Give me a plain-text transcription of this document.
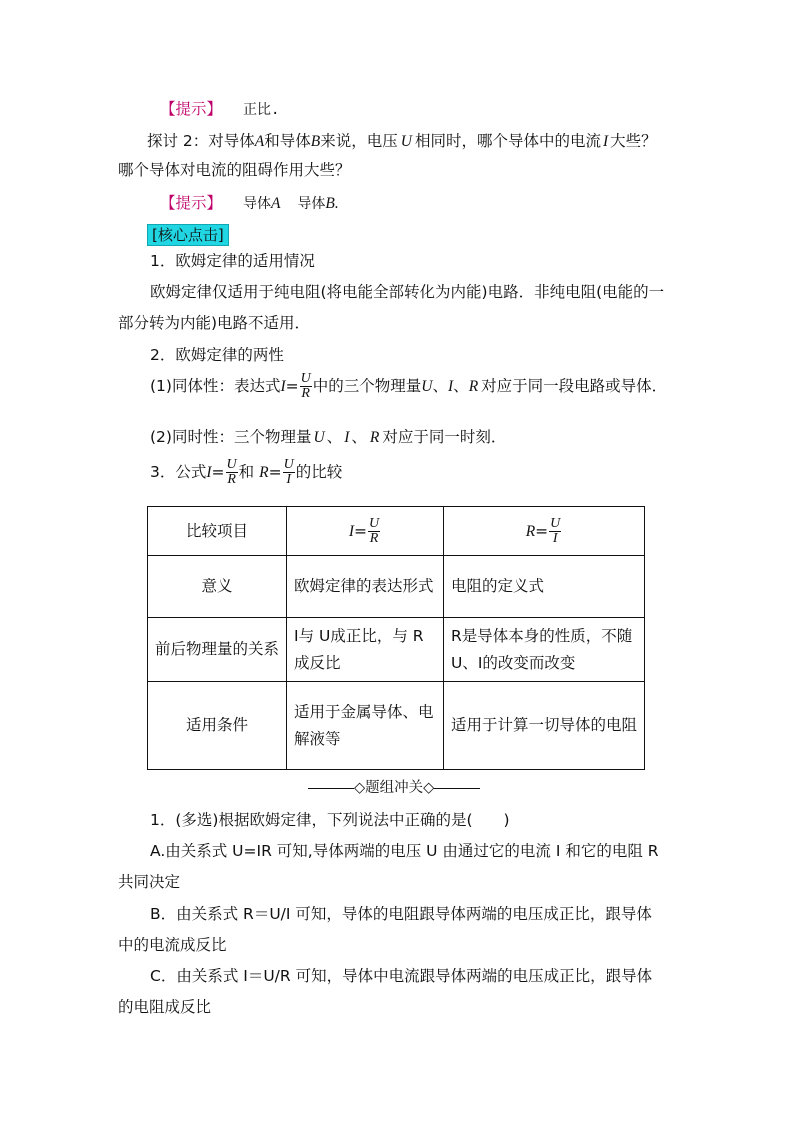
【提示】 正比.
探讨 2：对导体A和导体B来说，电压 U 相同时，哪个导体中的电流 I 大些？
哪个导体对电流的阻碍作用大些？
【提示】 导体A 导体B.
[核心点击]
1．欧姆定律的适用情况
欧姆定律仅适用于纯电阻(将电能全部转化为内能)电路．非纯电阻(电能的一
部分转为内能)电路不适用．
2．欧姆定律的两性
(1)同体性：表达式$I= \frac{U}{R}$ 中的三个物理量U、I、R 对应于同一段电路或导体．
(2)同时性：三个物理量 U 、 I 、 R 对应于同一时刻．
3．公式$I= \frac{U}{R}$ 和 $R= \frac{U}{I}$ 的比较
比较项目	$I= \frac{U}{R}$	$R= \frac{U}{I}$

意义	欧姆定律的表达形式	电阻的定义式
前后物理量的关系	I与 U成正比，与 R成反比	R是导体本身的性质，不随U、I的改变而改变
适用条件	适用于金属导体、电解液等	适用于计算一切导体的电阻
◇题组冲关◇
1．(多选)根据欧姆定律，下列说法中正确的是(　　)
A.由关系式 U=IR 可知,导体两端的电压 U 由通过它的电流 I 和它的电阻 R
共同决定
B．由关系式 R＝U/I 可知，导体的电阻跟导体两端的电压成正比，跟导体
中的电流成反比
C．由关系式 I＝U/R 可知，导体中电流跟导体两端的电压成正比，跟导体
的电阻成反比
